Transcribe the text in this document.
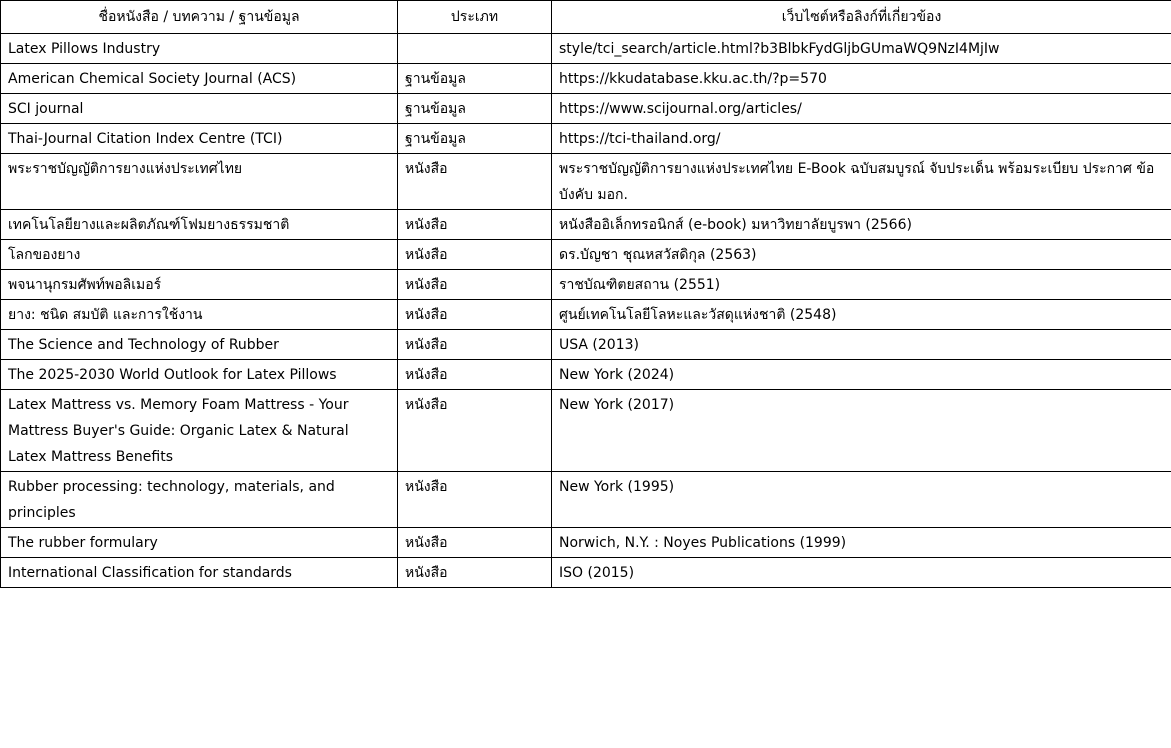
ชื่อหนังสือ / บทความ / ฐานข้อมูล	ประเภท	เว็บไซต์หรือลิงก์ที่เกี่ยวข้อง
Latex Pillows Industry		style/tci_search/article.html?b3BlbkFydGljbGUmaWQ9NzI4MjIw
American Chemical Society Journal (ACS)	ฐานข้อมูล	https://kkudatabase.kku.ac.th/?p=570
SCI journal	ฐานข้อมูล	https://www.scijournal.org/articles/
Thai-Journal Citation Index Centre (TCI)	ฐานข้อมูล	https://tci-thailand.org/
พระราชบัญญัติการยางแห่งประเทศไทย	หนังสือ	พระราชบัญญัติการยางแห่งประเทศไทย E-Book ฉบับสมบูรณ์ จับประเด็น พร้อมระเบียบ ประกาศ ข้อบังคับ มอก.
เทคโนโลยียางและผลิตภัณฑ์โฟมยางธรรมชาติ	หนังสือ	หนังสืออิเล็กทรอนิกส์ (e-book) มหาวิทยาลัยบูรพา (2566)
โลกของยาง	หนังสือ	ดร.บัญชา ชุณหสวัสดิกุล (2563)
พจนานุกรมศัพท์พอลิเมอร์	หนังสือ	ราชบัณฑิตยสถาน (2551)
ยาง: ชนิด สมบัติ และการใช้งาน	หนังสือ	ศูนย์เทคโนโลยีโลหะและวัสดุแห่งชาติ (2548)
The Science and Technology of Rubber	หนังสือ	USA (2013)
The 2025-2030 World Outlook for Latex Pillows	หนังสือ	New York (2024)
Latex Mattress vs. Memory Foam Mattress - Your Mattress Buyer's Guide: Organic Latex & Natural Latex Mattress Benefits	หนังสือ	New York (2017)
Rubber processing: technology, materials, and principles	หนังสือ	New York (1995)
The rubber formulary	หนังสือ	Norwich, N.Y. : Noyes Publications (1999)
International Classification for standards	หนังสือ	ISO (2015)
